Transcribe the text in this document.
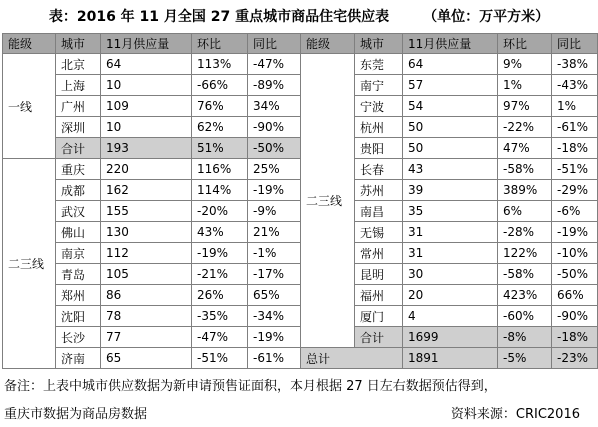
表：2016 年 11 月全国 27 重点城市商品住宅供应表 （单位：万平方米）
能级	城市	11月供应量	环比	同比	能级	城市	11月供应量	环比	同比
一线	北京	64	113%	-47%	二三线	东莞	64	9%	-38%
	上海	10	-66%	-89%		南宁	57	1%	-43%
	广州	109	76%	34%		宁波	54	97%	1%
	深圳	10	62%	-90%		杭州	50	-22%	-61%
	合计	193	51%	-50%		贵阳	50	47%	-18%
二三线	重庆	220	116%	25%		长春	43	-58%	-51%
	成都	162	114%	-19%		苏州	39	389%	-29%
	武汉	155	-20%	-9%		南昌	35	6%	-6%
	佛山	130	43%	21%		无锡	31	-28%	-19%
	南京	112	-19%	-1%		常州	31	122%	-10%
	青岛	105	-21%	-17%		昆明	30	-58%	-50%
	郑州	86	26%	65%		福州	20	423%	66%
	沈阳	78	-35%	-34%		厦门	4	-60%	-90%
	长沙	77	-47%	-19%		合计	1699	-8%	-18%
	济南	65	-51%	-61%	总计		1891	-5%	-23%
备注：上表中城市供应数据为新申请预售证面积，本月根据 27 日左右数据预估得到，
重庆市数据为商品房数据	资料来源：CRIC2016
